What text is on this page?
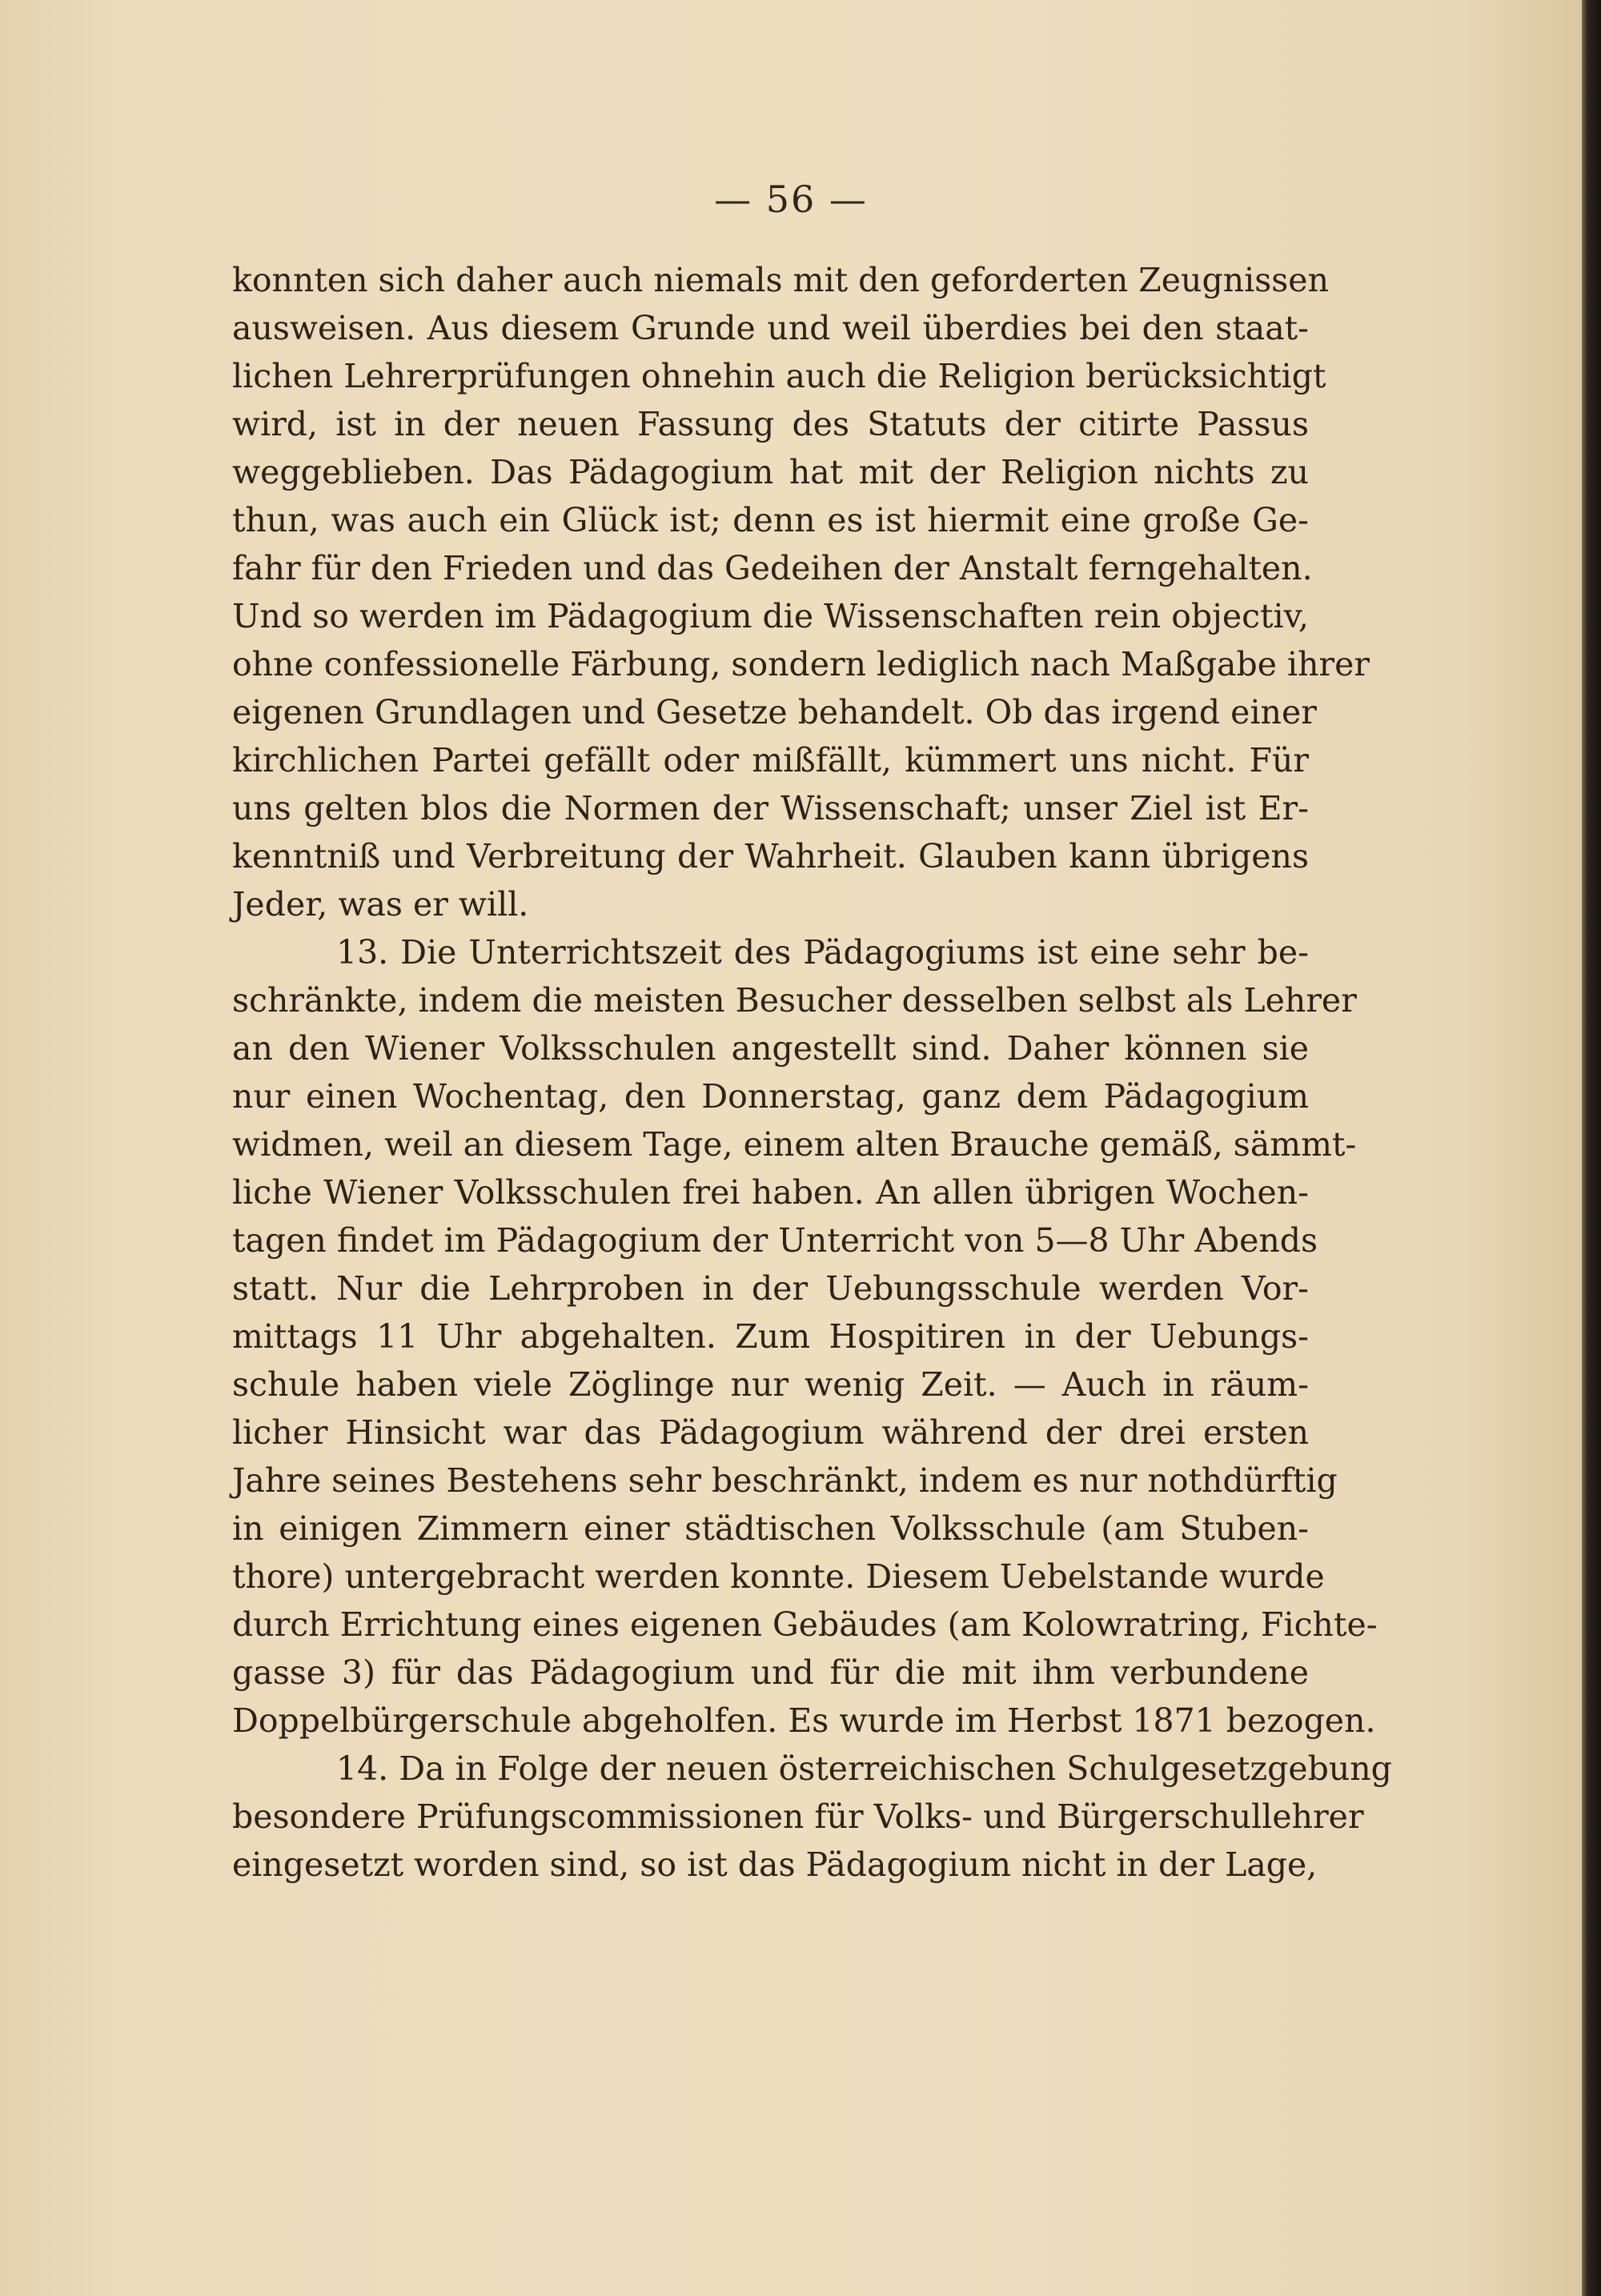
— 56 —
konnten sich daher auch niemals mit den geforderten Zeugnissen
ausweisen. Aus diesem Grunde und weil überdies bei den staat-
lichen Lehrerprüfungen ohnehin auch die Religion berücksichtigt
wird, ist in der neuen Fassung des Statuts der citirte Passus
weggeblieben. Das Pädagogium hat mit der Religion nichts zu
thun, was auch ein Glück ist; denn es ist hiermit eine große Ge-
fahr für den Frieden und das Gedeihen der Anstalt ferngehalten.
Und so werden im Pädagogium die Wissenschaften rein objectiv,
ohne confessionelle Färbung, sondern lediglich nach Maßgabe ihrer
eigenen Grundlagen und Gesetze behandelt. Ob das irgend einer
kirchlichen Partei gefällt oder mißfällt, kümmert uns nicht. Für
uns gelten blos die Normen der Wissenschaft; unser Ziel ist Er-
kenntniß und Verbreitung der Wahrheit. Glauben kann übrigens
Jeder, was er will.
13. Die Unterrichtszeit des Pädagogiums ist eine sehr be-
schränkte, indem die meisten Besucher desselben selbst als Lehrer
an den Wiener Volksschulen angestellt sind. Daher können sie
nur einen Wochentag, den Donnerstag, ganz dem Pädagogium
widmen, weil an diesem Tage, einem alten Brauche gemäß, sämmt-
liche Wiener Volksschulen frei haben. An allen übrigen Wochen-
tagen findet im Pädagogium der Unterricht von 5—8 Uhr Abends
statt. Nur die Lehrproben in der Uebungsschule werden Vor-
mittags 11 Uhr abgehalten. Zum Hospitiren in der Uebungs-
schule haben viele Zöglinge nur wenig Zeit. — Auch in räum-
licher Hinsicht war das Pädagogium während der drei ersten
Jahre seines Bestehens sehr beschränkt, indem es nur nothdürftig
in einigen Zimmern einer städtischen Volksschule (am Stuben-
thore) untergebracht werden konnte. Diesem Uebelstande wurde
durch Errichtung eines eigenen Gebäudes (am Kolowratring, Fichte-
gasse 3) für das Pädagogium und für die mit ihm verbundene
Doppelbürgerschule abgeholfen. Es wurde im Herbst 1871 bezogen.
14. Da in Folge der neuen österreichischen Schulgesetzgebung
besondere Prüfungscommissionen für Volks- und Bürgerschullehrer
eingesetzt worden sind, so ist das Pädagogium nicht in der Lage,
